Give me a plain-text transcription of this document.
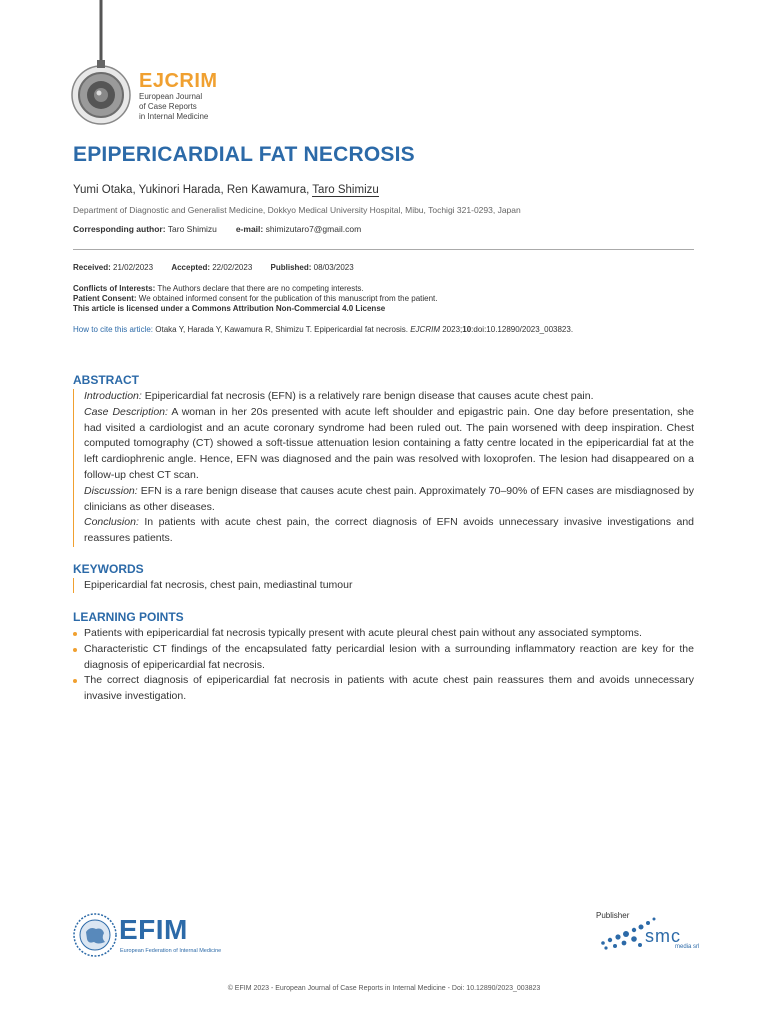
EJCRIM
European Journal
of Case Reports
in Internal Medicine
EPIPERICARDIAL FAT NECROSIS
Yumi Otaka, Yukinori Harada, Ren Kawamura, Taro Shimizu
Department of Diagnostic and Generalist Medicine, Dokkyo Medical University Hospital, Mibu, Tochigi 321-0293, Japan
Corresponding author: Taro Shimizu e-mail: shimizutaro7@gmail.com
Received: 21/02/2023 Accepted: 22/02/2023 Published: 08/03/2023
Conflicts of Interests: The Authors declare that there are no competing interests.
Patient Consent: We obtained informed consent for the publication of this manuscript from the patient.
This article is licensed under a Commons Attribution Non-Commercial 4.0 License
How to cite this article: Otaka Y, Harada Y, Kawamura R, Shimizu T. Epipericardial fat necrosis. EJCRIM 2023;10:doi:10.12890/2023_003823.
ABSTRACT

Introduction: Epipericardial fat necrosis (EFN) is a relatively rare benign disease that causes acute chest pain.

Case Description: A woman in her 20s presented with acute left shoulder and epigastric pain. One day before presentation, she had visited a cardiologist and an acute coronary syndrome had been ruled out. The pain worsened with deep inspiration. Chest computed tomography (CT) showed a soft-tissue attenuation lesion containing a fatty centre located in the epipericardial fat at the left cardiophrenic angle. Hence, EFN was diagnosed and the pain was resolved with loxoprofen. The lesion had disappeared on a follow-up chest CT scan.

Discussion: EFN is a rare benign disease that causes acute chest pain. Approximately 70–90% of EFN cases are misdiagnosed by clinicians as other diseases.

Conclusion: In patients with acute chest pain, the correct diagnosis of EFN avoids unnecessary invasive investigations and reassures patients.

KEYWORDS
Epipericardial fat necrosis, chest pain, mediastinal tumour
LEARNING POINTS
Patients with epipericardial fat necrosis typically present with acute pleural chest pain without any associated symptoms.
Characteristic CT findings of the encapsulated fatty pericardial lesion with a surrounding inflammatory reaction are key for the diagnosis of epipericardial fat necrosis.
The correct diagnosis of epipericardial fat necrosis in patients with acute chest pain reassures them and avoids unnecessary invasive investigation.
EFIM
European Federation of Internal Medicine
Publisher
smc
media srl
© EFIM 2023 - European Journal of Case Reports in Internal Medicine - Doi: 10.12890/2023_003823
